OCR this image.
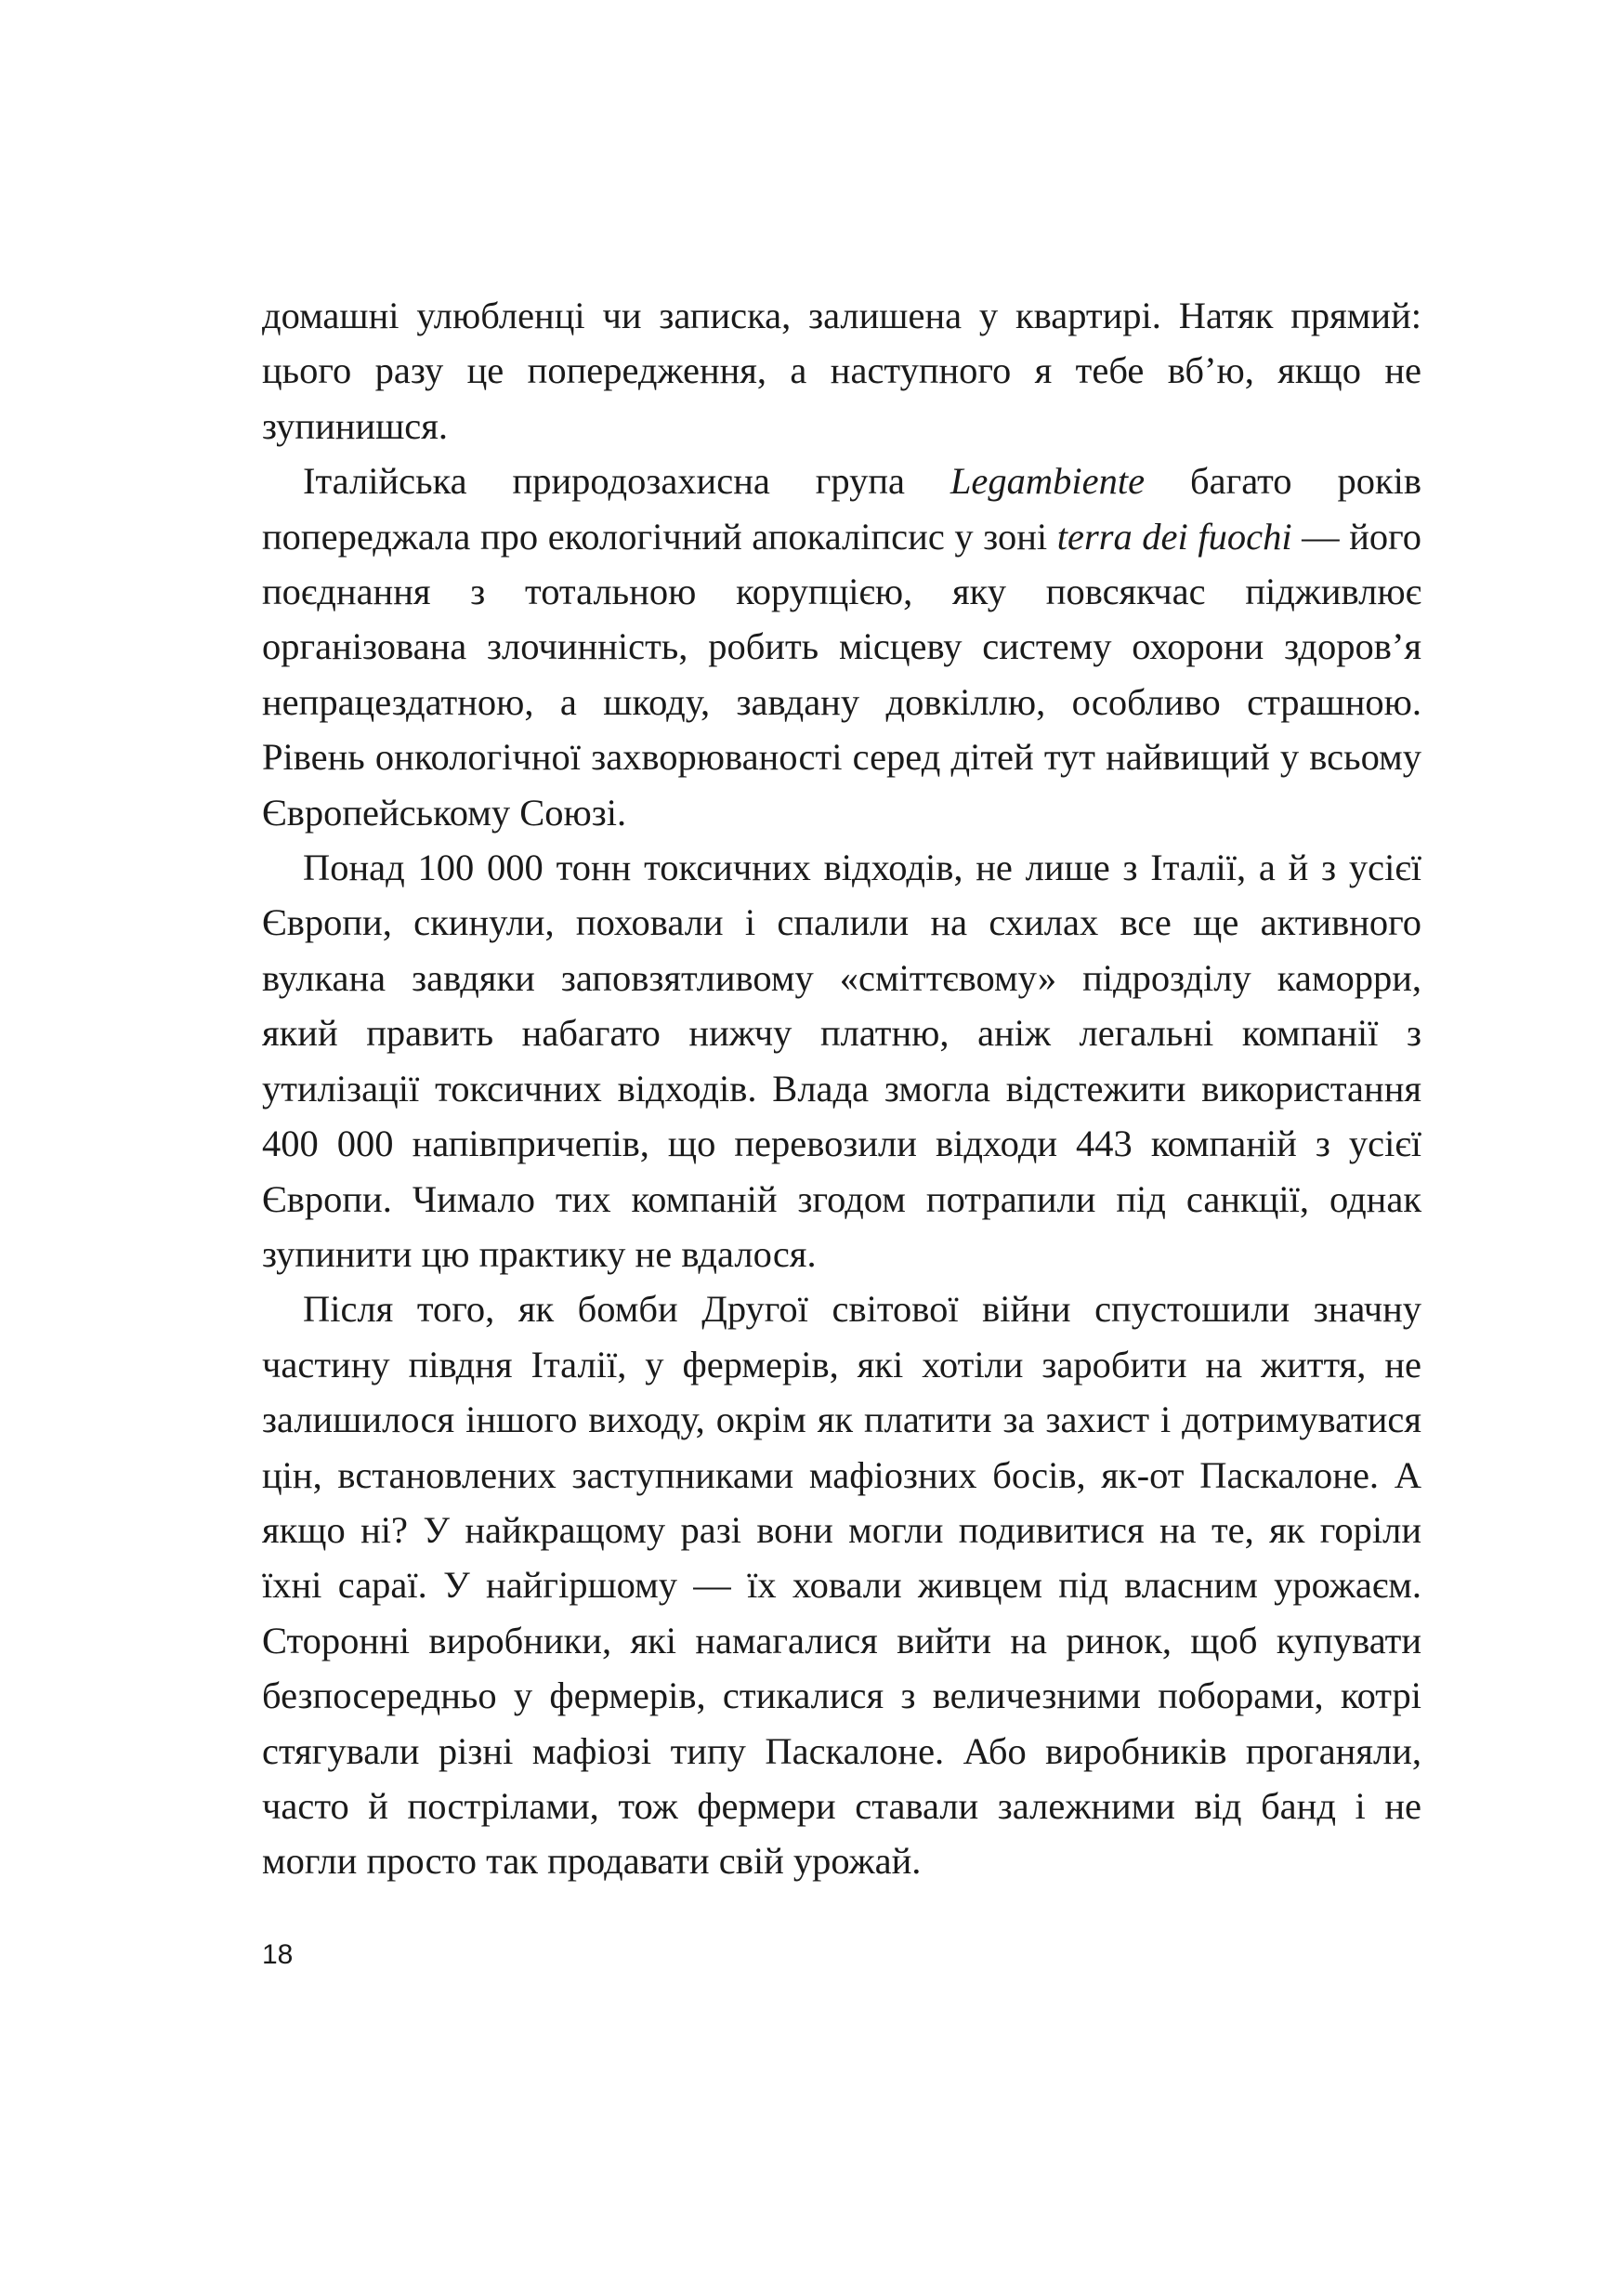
домашні улюбленці чи записка, залишена у квартирі. Натяк прямий: цього разу це попередження, а наступного я тебе вб’ю, якщо не зупинишся.

Італійська природозахисна група Legambiente багато років попереджала про екологічний апокаліпсис у зоні terra dei fuochi — його поєднання з тотальною корупцією, яку повсякчас підживлює організована злочинність, робить місцеву систему охорони здоров’я непрацездатною, а шкоду, завдану довкіллю, особливо страшною. Рівень онкологічної захворюваності серед дітей тут найвищий у всьому Європейському Союзі.

Понад 100 000 тонн токсичних відходів, не лише з Італії, а й з усієї Європи, скинули, поховали і спалили на схилах все ще активного вулкана завдяки заповзятливому «сміттєвому» підрозділу каморри, який править набагато нижчу платню, аніж легальні компанії з утилізації токсичних відходів. Влада змогла відстежити використання 400 000 напівпричепів, що перевозили відходи 443 компаній з усієї Європи. Чимало тих компаній згодом потрапили під санкції, однак зупинити цю практику не вдалося.

Після того, як бомби Другої світової війни спустошили значну частину півдня Італії, у фермерів, які хотіли заробити на життя, не залишилося іншого виходу, окрім як платити за захист і дотримуватися цін, встановлених заступниками мафіозних босів, як-от Паскалоне. А якщо ні? У найкращому разі вони могли подивитися на те, як горіли їхні сараї. У найгіршому — їх ховали живцем під власним урожаєм. Сторонні виробники, які намагалися вийти на ринок, щоб купувати безпосередньо у фермерів, стикалися з величезними поборами, котрі стягували різні мафіозі типу Паскалоне. Або виробників проганяли, часто й пострілами, тож фермери ставали залежними від банд і не могли просто так продавати свій урожай.

18
